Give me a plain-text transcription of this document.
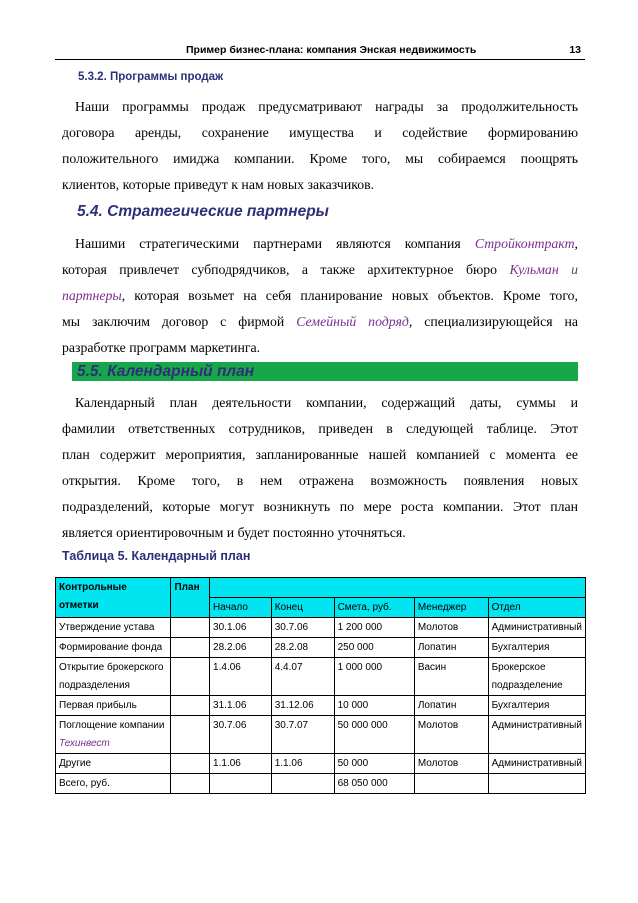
Пример бизнес-плана: компания Энская недвижимость	13
5.3.2. Программы продаж
Наши программы продаж предусматривают награды за продолжительность
договора аренды, сохранение имущества и содействие формированию
положительного имиджа компании. Кроме того, мы собираемся поощрять
клиентов, которые приведут к нам новых заказчиков.
5.4. Стратегические партнеры
Нашими стратегическими партнерами являются компания Стройконтракт,
которая привлечет субподрядчиков, а также архитектурное бюро Кульман и
партнеры, которая возьмет на себя планирование новых объектов. Кроме того,
мы заключим договор с фирмой Семейный подряд, специализирующейся на
разработке программ маркетинга.
5.5. Календарный план
Календарный план деятельности компании, содержащий даты, суммы и
фамилии ответственных сотрудников, приведен в следующей таблице. Этот
план содержит мероприятия, запланированные нашей компанией с момента ее
открытия. Кроме того, в нем отражена возможность появления новых
подразделений, которые могут возникнуть по мере роста компании. Этот план
является ориентировочным и будет постоянно уточняться.
Таблица 5. Календарный план
Контрольные отметки	План					
		Начало	Конец	Смета, руб.	Менеджер	Отдел
Утверждение устава		30.1.06	30.7.06	1 200 000	Молотов	Административный
Формирование фонда		28.2.06	28.2.08	250 000	Лопатин	Бухгалтерия
Открытие брокерского подразделения		1.4.06	4.4.07	1 000 000	Васин	Брокерское подразделение
Первая прибыль		31.1.06	31.12.06	10 000	Лопатин	Бухгалтерия
Поглощение компании Техинвест		30.7.06	30.7.07	50 000 000	Молотов	Административный
Другие		1.1.06	1.1.06	50 000	Молотов	Административный
Всего, руб.				68 050 000		
